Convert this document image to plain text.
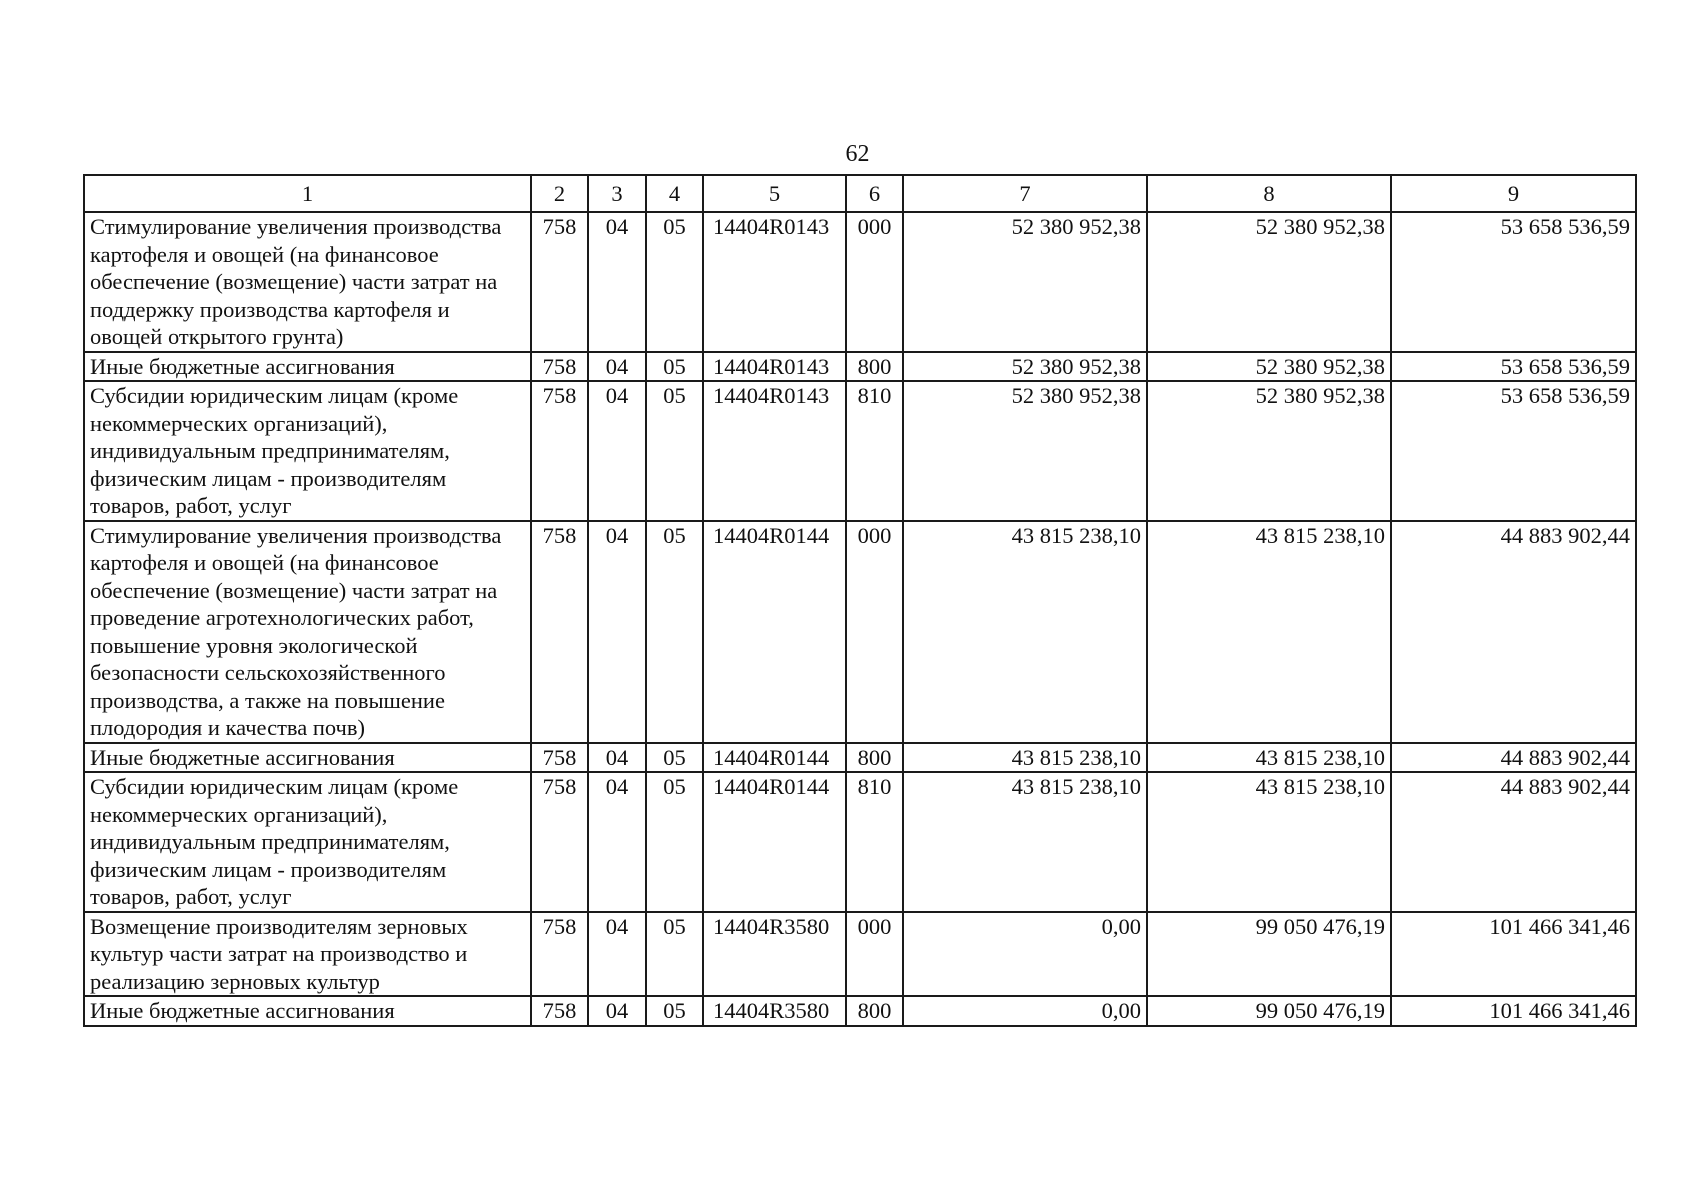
62
1	2	3	4	5	6	7	8	9
Стимулирование увеличения производства картофеля и овощей (на финансовое обеспечение (возмещение) части затрат на поддержку производства картофеля и овощей открытого грунта)	758	04	05	14404R0143	000	52 380 952,38	52 380 952,38	53 658 536,59
Иные бюджетные ассигнования	758	04	05	14404R0143	800	52 380 952,38	52 380 952,38	53 658 536,59
Субсидии юридическим лицам (кроме некоммерческих организаций), индивидуальным предпринимателям, физическим лицам - производителям товаров, работ, услуг	758	04	05	14404R0143	810	52 380 952,38	52 380 952,38	53 658 536,59
Стимулирование увеличения производства картофеля и овощей (на финансовое обеспечение (возмещение) части затрат на проведение агротехнологических работ, повышение уровня экологической безопасности сельскохозяйственного производства, а также на повышение плодородия и качества почв)	758	04	05	14404R0144	000	43 815 238,10	43 815 238,10	44 883 902,44
Иные бюджетные ассигнования	758	04	05	14404R0144	800	43 815 238,10	43 815 238,10	44 883 902,44
Субсидии юридическим лицам (кроме некоммерческих организаций), индивидуальным предпринимателям, физическим лицам - производителям товаров, работ, услуг	758	04	05	14404R0144	810	43 815 238,10	43 815 238,10	44 883 902,44
Возмещение производителям зерновых культур части затрат на производство и реализацию зерновых культур	758	04	05	14404R3580	000	0,00	99 050 476,19	101 466 341,46
Иные бюджетные ассигнования	758	04	05	14404R3580	800	0,00	99 050 476,19	101 466 341,46
